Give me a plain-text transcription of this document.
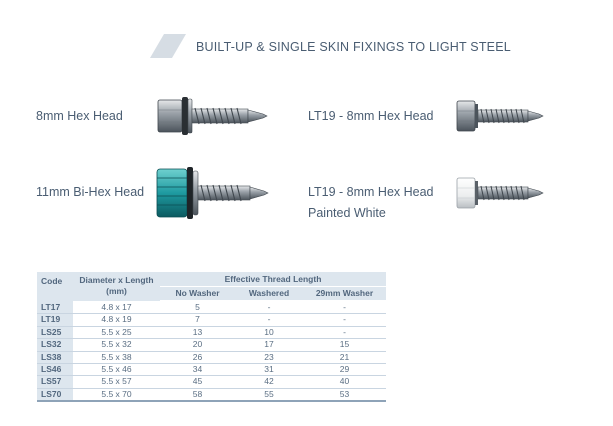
BUILT-UP & SINGLE SKIN FIXINGS TO LIGHT STEEL
8mm Hex Head	LT19 - 8mm Hex Head
11mm Bi-Hex Head	LT19 - 8mm Hex Head
Painted White
Code	Diameter x Length (mm)	Effective Thread Length		
		No Washer	Washered	29mm Washer
LT17	4.8 x 17	5	-	-
LT19	4.8 x 19	7	-	-
LS25	5.5 x 25	13	10	-
LS32	5.5 x 32	20	17	15
LS38	5.5 x 38	26	23	21
LS46	5.5 x 46	34	31	29
LS57	5.5 x 57	45	42	40
LS70	5.5 x 70	58	55	53
